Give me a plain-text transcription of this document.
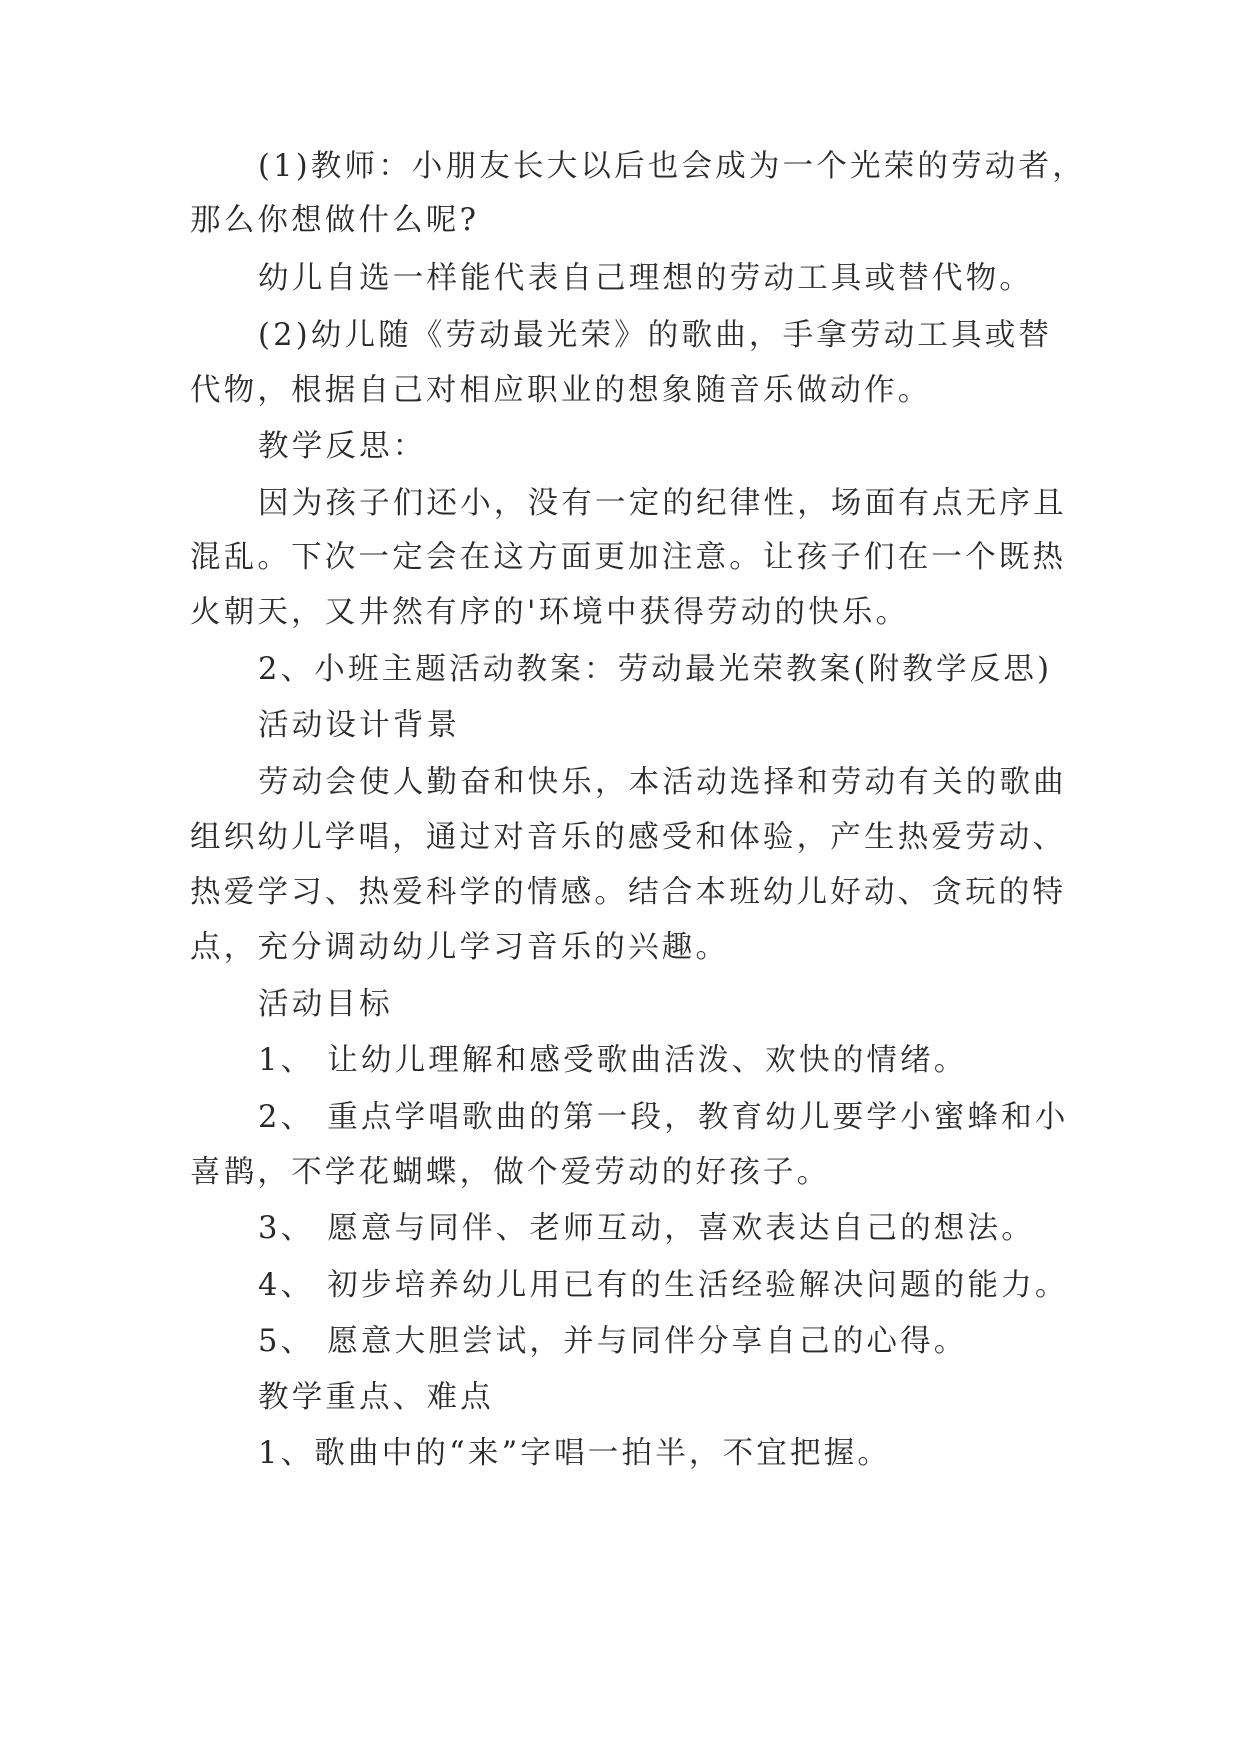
(1)教师：小朋友长大以后也会成为一个光荣的劳动者，
那么你想做什么呢?
幼儿自选一样能代表自己理想的劳动工具或替代物。
(2)幼儿随《劳动最光荣》的歌曲，手拿劳动工具或替
代物，根据自己对相应职业的想象随音乐做动作。
教学反思：
因为孩子们还小，没有一定的纪律性，场面有点无序且
混乱。下次一定会在这方面更加注意。让孩子们在一个既热
火朝天，又井然有序的'环境中获得劳动的快乐。
2、小班主题活动教案：劳动最光荣教案(附教学反思)
活动设计背景
劳动会使人勤奋和快乐，本活动选择和劳动有关的歌曲
组织幼儿学唱，通过对音乐的感受和体验，产生热爱劳动、
热爱学习、热爱科学的情感。结合本班幼儿好动、贪玩的特
点，充分调动幼儿学习音乐的兴趣。
活动目标
1、 让幼儿理解和感受歌曲活泼、欢快的情绪。
2、 重点学唱歌曲的第一段，教育幼儿要学小蜜蜂和小
喜鹊，不学花蝴蝶，做个爱劳动的好孩子。
3、 愿意与同伴、老师互动，喜欢表达自己的想法。
4、 初步培养幼儿用已有的生活经验解决问题的能力。
5、 愿意大胆尝试，并与同伴分享自己的心得。
教学重点、难点
1、歌曲中的“来”字唱一拍半，不宜把握。
